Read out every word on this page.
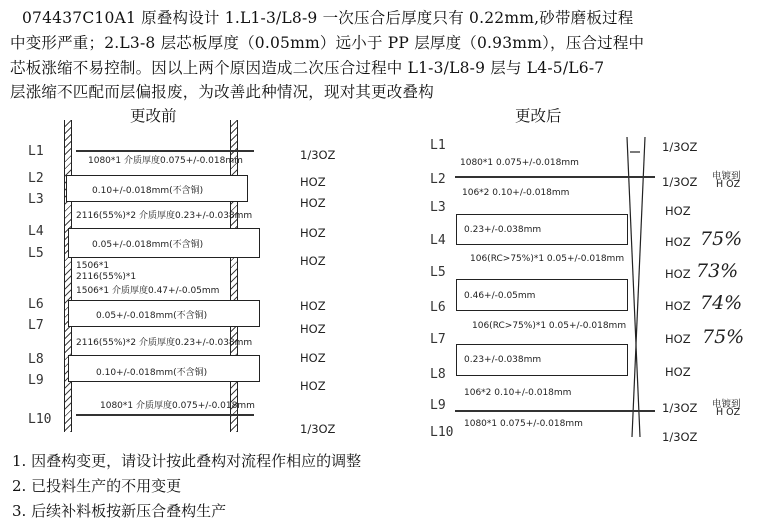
074437C10A1 原叠构设计 1.L1-3/L8-9 一次压合后厚度只有 0.22mm,砂带磨板过程
中变形严重；2.L3-8 层芯板厚度（0.05mm）远小于 PP 层厚度（0.93mm），压合过程中
芯板涨缩不易控制。因以上两个原因造成二次压合过程中 L1-3/L8-9 层与 L4-5/L6-7
层涨缩不匹配而层偏报废，为改善此种情况，现对其更改叠构
更改前	更改后
L1
L2
L3
L4
L5
L6
L7
L8
L9
L10
1/3OZ
HOZ
HOZ
HOZ
HOZ
HOZ
HOZ
HOZ
HOZ
1/3OZ
1080*1 介质厚度0.075+/-0.018mm
0.10+/-0.018mm(不含铜)
2116(55%)*2 介质厚度0.23+/-0.038mm
0.05+/-0.018mm(不含铜)
1506*1
2116(55%)*1
1506*1 介质厚度0.47+/-0.05mm
0.05+/-0.018mm(不含铜)
2116(55%)*2 介质厚度0.23+/-0.038mm
0.10+/-0.018mm(不含铜)
1080*1 介质厚度0.075+/-0.018mm
L1
L2
L3
L4
L5
L6
L7
L8
L9
L10
1/3OZ
1/3OZ
HOZ
HOZ
HOZ
HOZ
HOZ
HOZ
1/3OZ
1/3OZ
电镀到
H OZ
电镀到
H OZ
1080*1 0.075+/-0.018mm
106*2 0.10+/-0.018mm
0.23+/-0.038mm
106(RC>75%)*1 0.05+/-0.018mm
0.46+/-0.05mm
106(RC>75%)*1 0.05+/-0.018mm
0.23+/-0.038mm
106*2 0.10+/-0.018mm
1080*1 0.075+/-0.018mm
75%
73%
74%
75%
1. 因叠构变更，请设计按此叠构对流程作相应的调整
2. 已投料生产的不用变更
3. 后续补料板按新压合叠构生产
